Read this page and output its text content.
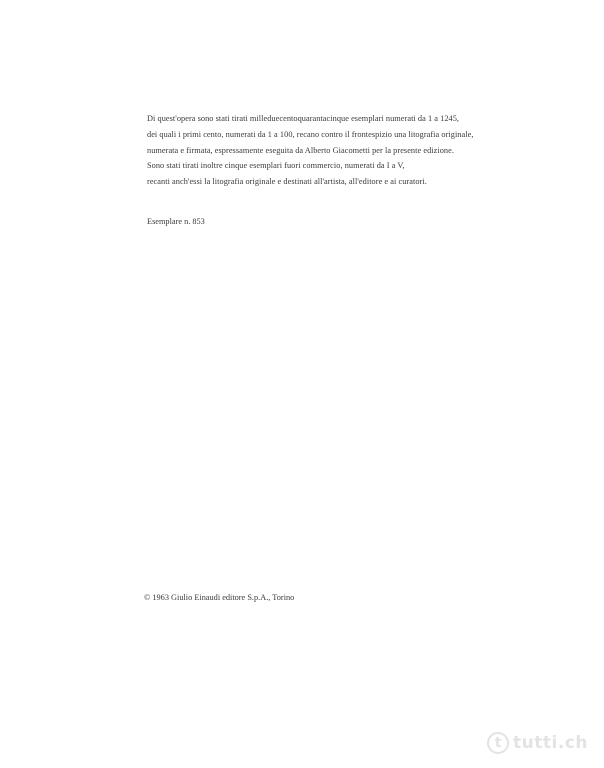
Di quest'opera sono stati tirati milleduecentoquarantacinque esemplari numerati da 1 a 1245,

dei quali i primi cento, numerati da 1 a 100, recano contro il frontespizio una litografia originale,

numerata e firmata, espressamente eseguita da Alberto Giacometti per la presente edizione.

Sono stati tirati inoltre cinque esemplari fuori commercio, numerati da I a V,

recanti anch'essi la litografia originale e destinati all'artista, all'editore e ai curatori.

Esemplare n. 853
© 1963 Giulio Einaudi editore S.p.A., Torino
t tutti.ch
